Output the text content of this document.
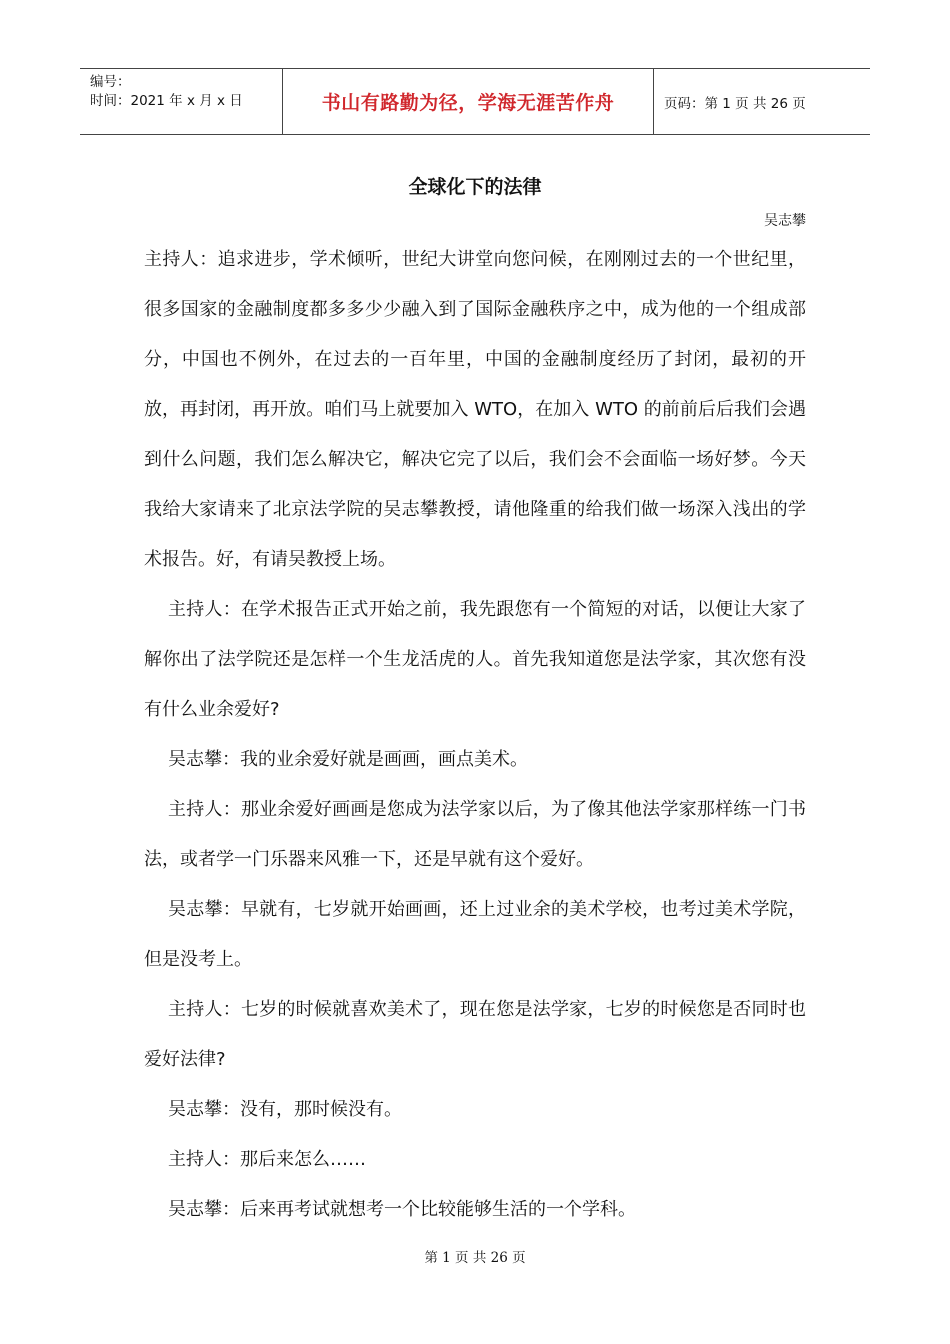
编号：
时间：2021 年 x 月 x 日	书山有路勤为径，学海无涯苦作舟	页码：第 1 页 共 26 页
全球化下的法律
吴志攀

主持人：追求进步，学术倾听，世纪大讲堂向您问候，在刚刚过去的一个世纪里，很多国家的金融制度都多多少少融入到了国际金融秩序之中，成为他的一个组成部分，中国也不例外，在过去的一百年里，中国的金融制度经历了封闭，最初的开放，再封闭，再开放。咱们马上就要加入 WTO，在加入 WTO 的前前后后我们会遇到什么问题，我们怎么解决它，解决它完了以后，我们会不会面临一场好梦。今天我给大家请来了北京法学院的吴志攀教授，请他隆重的给我们做一场深入浅出的学术报告。好，有请吴教授上场。

主持人：在学术报告正式开始之前，我先跟您有一个简短的对话，以便让大家了解你出了法学院还是怎样一个生龙活虎的人。首先我知道您是法学家，其次您有没有什么业余爱好?

吴志攀：我的业余爱好就是画画，画点美术。

主持人：那业余爱好画画是您成为法学家以后，为了像其他法学家那样练一门书法，或者学一门乐器来风雅一下，还是早就有这个爱好。

吴志攀：早就有，七岁就开始画画，还上过业余的美术学校，也考过美术学院，但是没考上。

主持人：七岁的时候就喜欢美术了，现在您是法学家，七岁的时候您是否同时也爱好法律?

吴志攀：没有，那时候没有。

主持人：那后来怎么……

吴志攀：后来再考试就想考一个比较能够生活的一个学科。

第 1 页 共 26 页
